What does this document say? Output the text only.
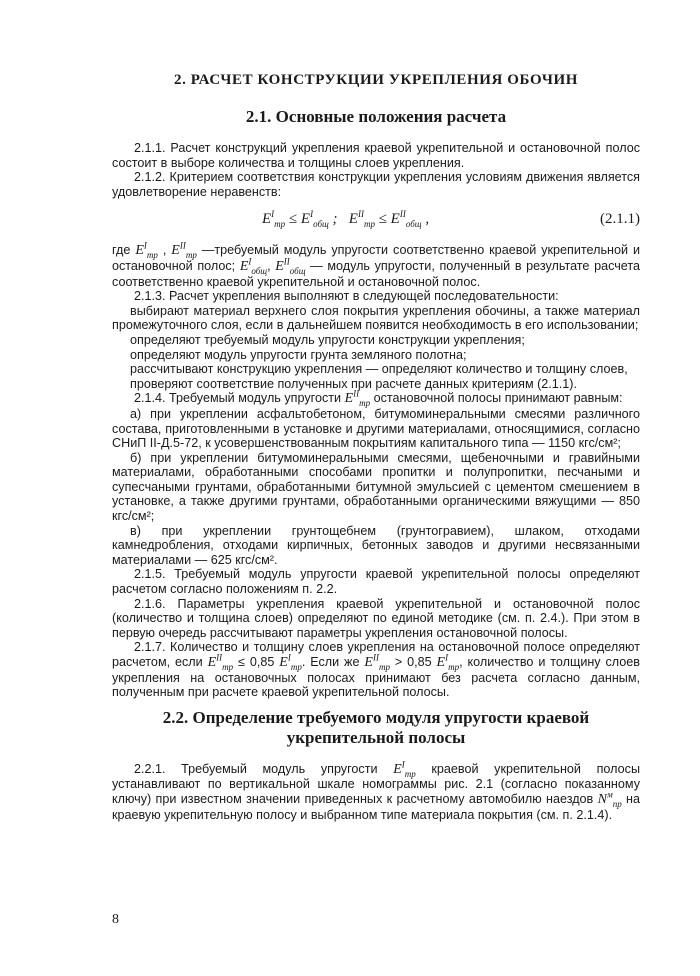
2. РАСЧЕТ КОНСТРУКЦИИ УКРЕПЛЕНИЯ ОБОЧИН
2.1. Основные положения расчета

2.1.1. Расчет конструкций укрепления краевой укрепительной и остановочной полос состоит в выборе количества и толщины слоев укрепления.

2.1.2. Критерием соответствия конструкции укрепления условиям движения является удовлетворение неравенств:

$E^I_{тр} \le E^I_{общ}$ ;   $E^{II}_{тр} \le E^{II}_{общ}$ ,	(2.1.1)

где $E^I_{тр}$ , $E^{II}_{тр}$ —требуемый модуль упругости соответственно краевой укрепительной и остановочной полос; $E^I_{общ}$, $E^{II}_{общ}$ — модуль упругости, полученный в результате расчета соответственно краевой укрепительной и остановочной полос.

2.1.3. Расчет укрепления выполняют в следующей последовательности:

выбирают материал верхнего слоя покрытия укрепления обочины, а также материал промежуточного слоя, если в дальнейшем появится необходимость в его использовании;

определяют требуемый модуль упругости конструкции укрепления;

определяют модуль упругости грунта земляного полотна;

рассчитывают конструкцию укрепления — определяют количество и толщину слоев,

проверяют соответствие полученных при расчете данных критериям (2.1.1).

2.1.4. Требуемый модуль упругости $E^{II}_{тр}$ остановочной полосы принимают равным:

а) при укреплении асфальтобетоном, битумоминеральными смесями различного состава, приготовленными в установке и другими материалами, относящимися, согласно СНиП II-Д.5-72, к усовершенствованным покрытиям капитального типа — 1150 кгс/см²;

б) при укреплении битумоминеральными смесями, щебеночными и гравийными материалами, обработанными способами пропитки и полупропитки, песчаными и супесчаными грунтами, обработанными битумной эмульсией с цементом смешением в установке, а также другими грунтами, обработанными органическими вяжущими — 850 кгс/см²;

в) при укреплении грунтощебнем (грунтогравием), шлаком, отходами камнедробления, отходами кирпичных, бетонных заводов и другими несвязанными материалами — 625 кгс/см².

2.1.5. Требуемый модуль упругости краевой укрепительной полосы определяют расчетом согласно положениям п. 2.2.

2.1.6. Параметры укрепления краевой укрепительной и остановочной полос (количество и толщина слоев) определяют по единой методике (см. п. 2.4.). При этом в первую очередь рассчитывают параметры укрепления остановочной полосы.

2.1.7. Количество и толщину слоев укрепления на остановочной полосе определяют расчетом, если $E^{II}_{тр} \le 0,85$ $E^I_{тр}$. Если же $E^{II}_{тр} > 0,85$ $E^I_{тр}$, количество и толщину слоев укрепления на остановочных полосах принимают без расчета согласно данным, полученным при расчете краевой укрепительной полосы.

2.2. Определение требуемого модуля упругости краевой
укрепительной полосы

2.2.1. Требуемый модуль упругости $E^I_{тр}$ краевой укрепительной полосы устанавливают по вертикальной шкале номограммы рис. 2.1 (согласно показанному ключу) при известном значении приведенных к расчетному автомобилю наездов $N^м_{пр}$ на краевую укрепительную полосу и выбранном типе материала покрытия (см. п. 2.1.4).

8
